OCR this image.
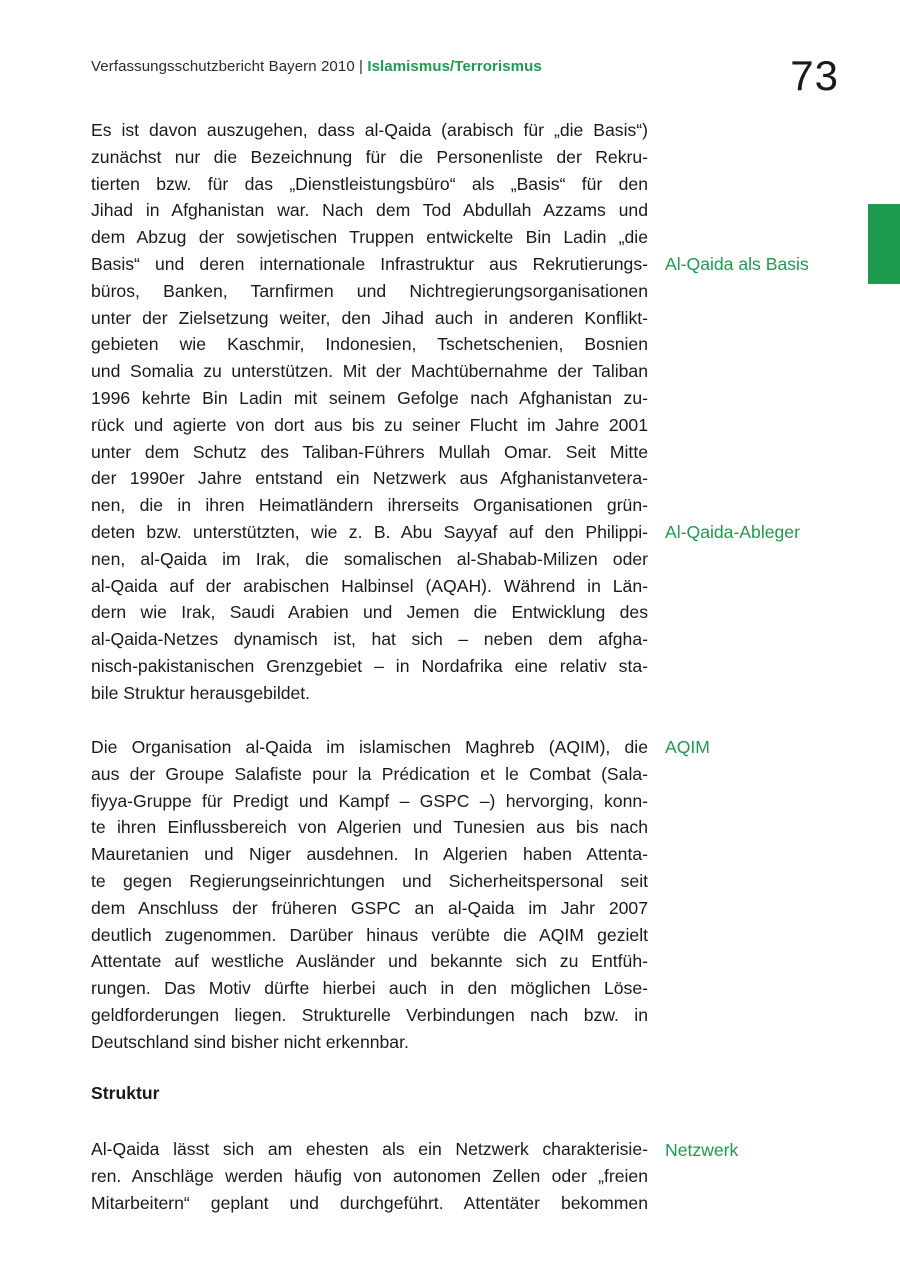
Verfassungsschutzbericht Bayern 2010 | Islamismus/Terrorismus	73
Es ist davon auszugehen, dass al-Qaida (arabisch für „die Basis“)
zunächst nur die Bezeichnung für die Personenliste der Rekru-
tierten bzw. für das „Dienstleistungsbüro“ als „Basis“ für den
Jihad in Afghanistan war. Nach dem Tod Abdullah Azzams und
dem Abzug der sowjetischen Truppen entwickelte Bin Ladin „die
Basis“ und deren internationale Infrastruktur aus Rekrutierungs-
büros, Banken, Tarnfirmen und Nichtregierungsorganisationen
unter der Zielsetzung weiter, den Jihad auch in anderen Konflikt-
gebieten wie Kaschmir, Indonesien, Tschetschenien, Bosnien
und Somalia zu unterstützen. Mit der Machtübernahme der Taliban
1996 kehrte Bin Ladin mit seinem Gefolge nach Afghanistan zu-
rück und agierte von dort aus bis zu seiner Flucht im Jahre 2001
unter dem Schutz des Taliban-Führers Mullah Omar. Seit Mitte
der 1990er Jahre entstand ein Netzwerk aus Afghanistanvetera-
nen, die in ihren Heimatländern ihrerseits Organisationen grün-
deten bzw. unterstützten, wie z. B. Abu Sayyaf auf den Philippi-
nen, al-Qaida im Irak, die somalischen al-Shabab-Milizen oder
al-Qaida auf der arabischen Halbinsel (AQAH). Während in Län-
dern wie Irak, Saudi Arabien und Jemen die Entwicklung des
al-Qaida-Netzes dynamisch ist, hat sich – neben dem afgha-
nisch-pakistanischen Grenzgebiet – in Nordafrika eine relativ sta-
bile Struktur herausgebildet.
Die Organisation al-Qaida im islamischen Maghreb (AQIM), die
aus der Groupe Salafiste pour la Prédication et le Combat (Sala-
fiyya-Gruppe für Predigt und Kampf – GSPC –) hervorging, konn-
te ihren Einflussbereich von Algerien und Tunesien aus bis nach
Mauretanien und Niger ausdehnen. In Algerien haben Attenta-
te gegen Regierungseinrichtungen und Sicherheitspersonal seit
dem Anschluss der früheren GSPC an al-Qaida im Jahr 2007
deutlich zugenommen. Darüber hinaus verübte die AQIM gezielt
Attentate auf westliche Ausländer und bekannte sich zu Entfüh-
rungen. Das Motiv dürfte hierbei auch in den möglichen Löse-
geldforderungen liegen. Strukturelle Verbindungen nach bzw. in
Deutschland sind bisher nicht erkennbar.
Struktur
Al-Qaida lässt sich am ehesten als ein Netzwerk charakterisie-
ren. Anschläge werden häufig von autonomen Zellen oder „freien
Mitarbeitern“ geplant und durchgeführt. Attentäter bekommen
Al-Qaida als Basis
Al-Qaida-Ableger
AQIM
Netzwerk
